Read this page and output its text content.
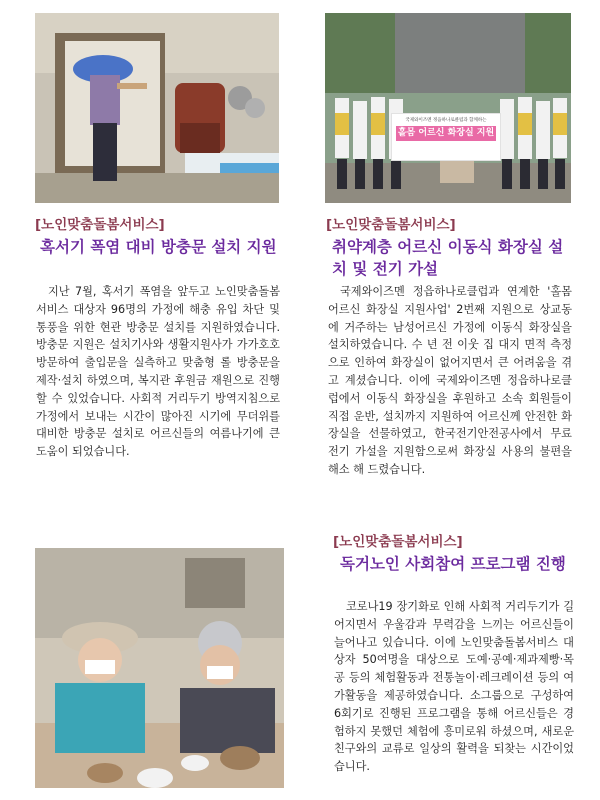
국제와이즈멘 정읍하나로클럽과 함께하는
홀몸 어르신 화장실 지원
[노인맞춤돌봄서비스]
혹서기 폭염 대비 방충문 설치 지원

지난 7월, 혹서기 폭염을 앞두고 노인맞춤돌봄서비스 대상자 96명의 가정에 해충 유입 차단 및 통풍을 위한 현관 방충문 설치를 지원하였습니다. 방충문 지원은 설치기사와 생활지원사가 가가호호 방문하여 출입문을 실측하고 맞춤형 롤 방충문을 제작·설치 하였으며, 복지관 후원금 재원으로 진행 할 수 있었습니다. 사회적 거리두기 방역지침으로 가정에서 보내는 시간이 많아진 시기에 무더위를 대비한 방충문 설치로 어르신들의 여름나기에 큰 도움이 되었습니다.

[노인맞춤돌봄서비스]
취약계층 어르신 이동식 화장실 설치 및 전기 가설

국제와이즈멘 정읍하나로클럽과 연계한 '홀몸 어르신 화장실 지원사업' 2번째 지원으로 상교동에 거주하는 남성어르신 가정에 이동식 화장실을 설치하였습니다. 수 년 전 이웃 집 대지 면적 측정으로 인하여 화장실이 없어지면서 큰 어려움을 겪고 계셨습니다. 이에 국제와이즈멘 정읍하나로클럽에서 이동식 화장실을 후원하고 소속 회원들이 직접 운반, 설치까지 지원하여 어르신께 안전한 화장실을 선물하였고, 한국전기안전공사에서 무료 전기 가설을 지원함으로써 화장실 사용의 불편을 해소 해 드렸습니다.

[노인맞춤돌봄서비스]
독거노인 사회참여 프로그램 진행

코로나19 장기화로 인해 사회적 거리두기가 길어지면서 우울감과 무력감을 느끼는 어르신들이 늘어나고 있습니다. 이에 노인맞춤돌봄서비스 대상자 50여명을 대상으로 도예·공예·제과제빵·목공 등의 체험활동과 전통놀이·레크레이션 등의 여가활동을 제공하였습니다. 소그룹으로 구성하여 6회기로 진행된 프로그램을 통해 어르신들은 경험하지 못했던 체험에 흥미로워 하셨으며, 새로운 친구와의 교류로 일상의 활력을 되찾는 시간이었습니다.
